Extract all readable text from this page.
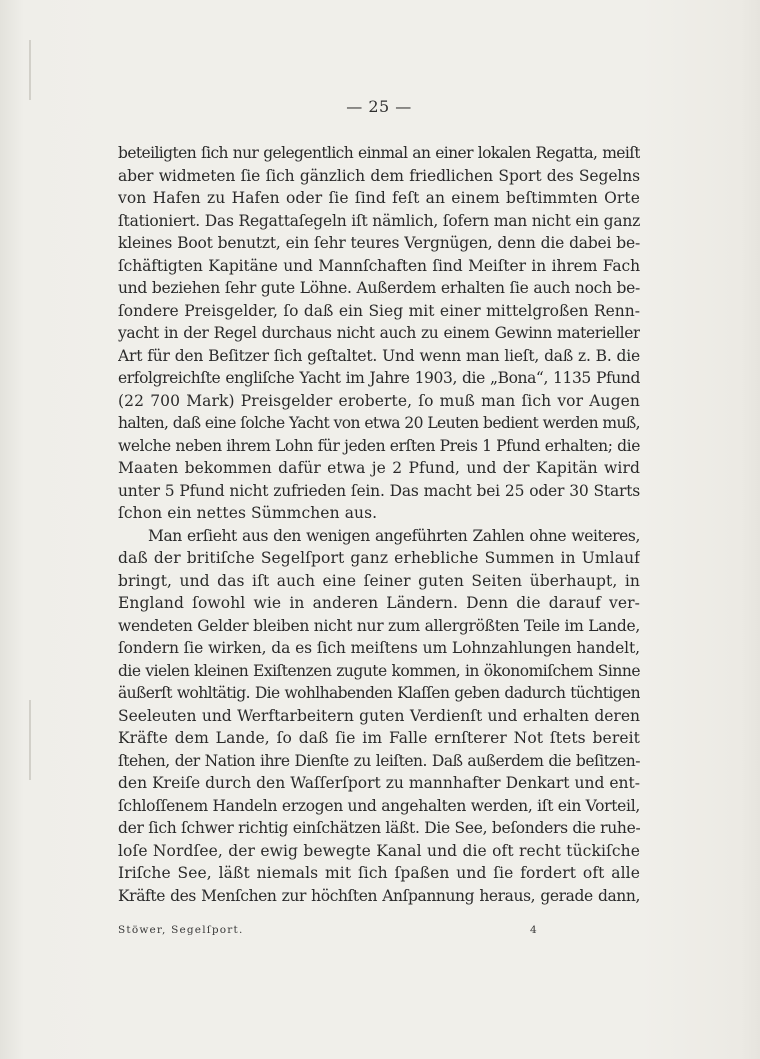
— 25 —
beteiligten ſich nur gelegentlich einmal an einer lokalen Regatta, meiſt
aber widmeten ſie ſich gänzlich dem friedlichen Sport des Segelns
von Hafen zu Hafen oder ſie ſind feſt an einem beſtimmten Orte
ſtationiert. Das Regattaſegeln iſt nämlich, ſofern man nicht ein ganz
kleines Boot benutzt, ein ſehr teures Vergnügen, denn die dabei be-
ſchäftigten Kapitäne und Mannſchaften ſind Meiſter in ihrem Fach
und beziehen ſehr gute Löhne. Außerdem erhalten ſie auch noch be-
ſondere Preisgelder, ſo daß ein Sieg mit einer mittelgroßen Renn-
yacht in der Regel durchaus nicht auch zu einem Gewinn materieller
Art für den Beſitzer ſich geſtaltet. Und wenn man lieſt, daß z. B. die
erfolgreichſte engliſche Yacht im Jahre 1903, die „Bona“, 1135 Pfund
(22 700 Mark) Preisgelder eroberte, ſo muß man ſich vor Augen
halten, daß eine ſolche Yacht von etwa 20 Leuten bedient werden muß,
welche neben ihrem Lohn für jeden erſten Preis 1 Pfund erhalten; die
Maaten bekommen dafür etwa je 2 Pfund, und der Kapitän wird
unter 5 Pfund nicht zufrieden ſein. Das macht bei 25 oder 30 Starts
ſchon ein nettes Sümmchen aus.
Man erſieht aus den wenigen angeführten Zahlen ohne weiteres,
daß der britiſche Segelſport ganz erhebliche Summen in Umlauf
bringt, und das iſt auch eine ſeiner guten Seiten überhaupt, in
England ſowohl wie in anderen Ländern. Denn die darauf ver-
wendeten Gelder bleiben nicht nur zum allergrößten Teile im Lande,
ſondern ſie wirken, da es ſich meiſtens um Lohnzahlungen handelt,
die vielen kleinen Exiſtenzen zugute kommen, in ökonomiſchem Sinne
äußerſt wohltätig. Die wohlhabenden Klaſſen geben dadurch tüchtigen
Seeleuten und Werftarbeitern guten Verdienſt und erhalten deren
Kräfte dem Lande, ſo daß ſie im Falle ernſterer Not ſtets bereit
ſtehen, der Nation ihre Dienſte zu leiſten. Daß außerdem die beſitzen-
den Kreiſe durch den Waſſerſport zu mannhafter Denkart und ent-
ſchloſſenem Handeln erzogen und angehalten werden, iſt ein Vorteil,
der ſich ſchwer richtig einſchätzen läßt. Die See, beſonders die ruhe-
loſe Nordſee, der ewig bewegte Kanal und die oft recht tückiſche
Iriſche See, läßt niemals mit ſich ſpaßen und ſie fordert oft alle
Kräfte des Menſchen zur höchſten Anſpannung heraus, gerade dann,
Stöwer, Segelſport.	4
